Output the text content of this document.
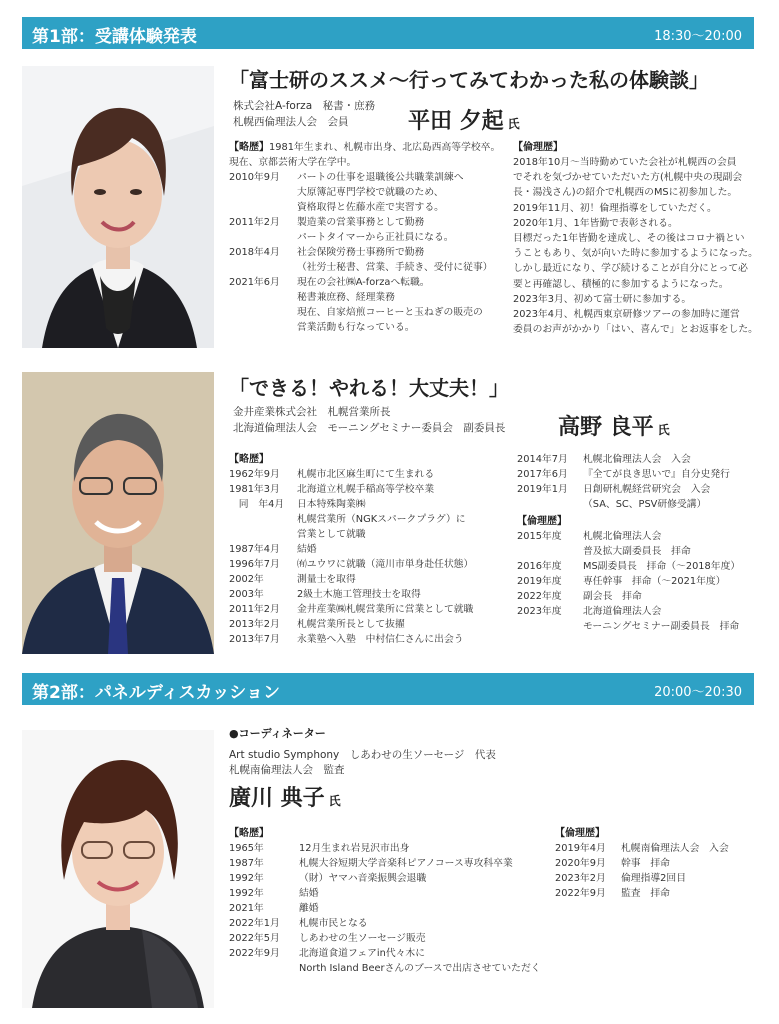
第1部：受講体験発表	18:30〜20:00
「富士研のススメ〜行ってみてわかった私の体験談」
株式会社A-forza　秘書・庶務
札幌西倫理法人会　会員	平田 夕起 氏
【略歴】1981年生まれ、札幌市出身、北広島西高等学校卒。
現在、京都芸術大学在学中。
2010年9月	パートの仕事を退職後公共職業訓練へ
大原簿記専門学校で就職のため、
資格取得と佐藤水産で実習する。
2011年2月	製造業の営業事務として勤務
パートタイマーから正社員になる。
2018年4月	社会保険労務士事務所で勤務
（社労士秘書、営業、手続き、受付に従事）
2021年6月	現在の会社㈱A-forzaへ転職。
秘書兼庶務、経理業務
現在、自家焙煎コーヒーと玉ねぎの販売の
営業活動も行なっている。
【倫理歴】
2018年10月〜当時勤めていた会社が札幌西の会員
でそれを気づかせていただいた方(札幌中央の現副会
長・湯浅さん)の紹介で札幌西のMSに初参加した。
2019年11月、初！倫理指導をしていただく。
2020年1月、1年皆勤で表彰される。
目標だった1年皆勤を達成し、その後はコロナ禍とい
うこともあり、気が向いた時に参加するようになった。
しかし最近になり、学び続けることが自分にとって必
要と再確認し、積極的に参加するようになった。
2023年3月、初めて富士研に参加する。
2023年4月、札幌西東京研修ツアーの参加時に運営
委員のお声がかかり「はい、喜んで」とお返事をした。
「できる！やれる！大丈夫！」
金井産業株式会社　札幌営業所長
北海道倫理法人会　モーニングセミナー委員会　副委員長 高野 良平 氏
【略歴】
1962年9月	札幌市北区麻生町にて生まれる
1981年3月	北海道立札幌手稲高等学校卒業
　同　年4月	日本特殊陶業㈱
札幌営業所（NGKスパークプラグ）に
営業として就職
1987年4月	結婚
1996年7月	㈲ユウワに就職（滝川市単身赴任状態）
2002年	測量士を取得
2003年	2級土木施工管理技士を取得
2011年2月	金井産業㈱札幌営業所に営業として就職
2013年2月	札幌営業所長として抜擢
2013年7月	永業塾へ入塾　中村信仁さんに出会う
2014年7月	札幌北倫理法人会　入会
2017年6月	『全てが良き思いで』自分史発行
2019年1月	日創研札幌経営研究会　入会
（SA、SC、PSV研修受講）
【倫理歴】
2015年度	札幌北倫理法人会
普及拡大副委員長　拝命
2016年度	MS副委員長　拝命（〜2018年度）
2019年度	専任幹事　拝命（〜2021年度）
2022年度	副会長　拝命
2023年度	北海道倫理法人会
モーニングセミナー副委員長　拝命
第2部：パネルディスカッション	20:00〜20:30
●コーディネーター
Art studio Symphony　しあわせの生ソーセージ　代表
札幌南倫理法人会　監査
廣川 典子 氏
【略歴】
1965年	12月生まれ岩見沢市出身
1987年	札幌大谷短期大学音楽科ピアノコース専攻科卒業
1992年	（財）ヤマハ音楽振興会退職
1992年	結婚
2021年	離婚
2022年1月	札幌市民となる
2022年5月	しあわせの生ソーセージ販売
2022年9月	北海道食道フェアin代々木に
North Island Beerさんのブースで出店させていただく
【倫理歴】
2019年4月	札幌南倫理法人会　入会
2020年9月	幹事　拝命
2023年2月	倫理指導2回目
2022年9月	監査　拝命
